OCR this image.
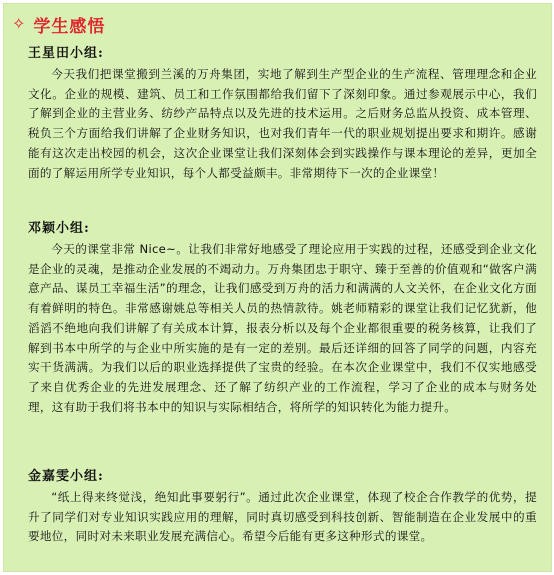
✧ 学生感悟
王星田小组:

今天我们把课堂搬到兰溪的万舟集团，实地了解到生产型企业的生产流程、管理理念和企业文化。企业的规模、建筑、员工和工作氛围都给我们留下了深刻印象。通过参观展示中心，我们了解到企业的主营业务、纺纱产品特点以及先进的技术运用。之后财务总监从投资、成本管理、税负三个方面给我们讲解了企业财务知识，也对我们青年一代的职业规划提出要求和期许。感谢能有这次走出校园的机会，这次企业课堂让我们深刻体会到实践操作与课本理论的差异，更加全面的了解运用所学专业知识，每个人都受益颇丰。非常期待下一次的企业课堂！

邓颖小组:

今天的课堂非常 Nice~。让我们非常好地感受了理论应用于实践的过程，还感受到企业文化是企业的灵魂，是推动企业发展的不竭动力。万舟集团忠于职守、臻于至善的价值观和“做客户满意产品、谋员工幸福生活”的理念，让我们感受到万舟的活力和满满的人文关怀，在企业文化方面有着鲜明的特色。非常感谢姚总等相关人员的热情款待。姚老师精彩的课堂让我们记忆犹新，他滔滔不绝地向我们讲解了有关成本计算，报表分析以及每个企业都很重要的税务核算，让我们了解到书本中所学的与企业中所实施的是有一定的差别。最后还详细的回答了同学的问题，内容充实干货满满。为我们以后的职业选择提供了宝贵的经验。在本次企业课堂中，我们不仅实地感受了来自优秀企业的先进发展理念、还了解了纺织产业的工作流程，学习了企业的成本与财务处理，这有助于我们将书本中的知识与实际相结合，将所学的知识转化为能力提升。

金嘉雯小组:

“纸上得来终觉浅，绝知此事要躬行”。通过此次企业课堂，体现了校企合作教学的优势，提升了同学们对专业知识实践应用的理解，同时真切感受到科技创新、智能制造在企业发展中的重要地位，同时对未来职业发展充满信心。希望今后能有更多这种形式的课堂。
